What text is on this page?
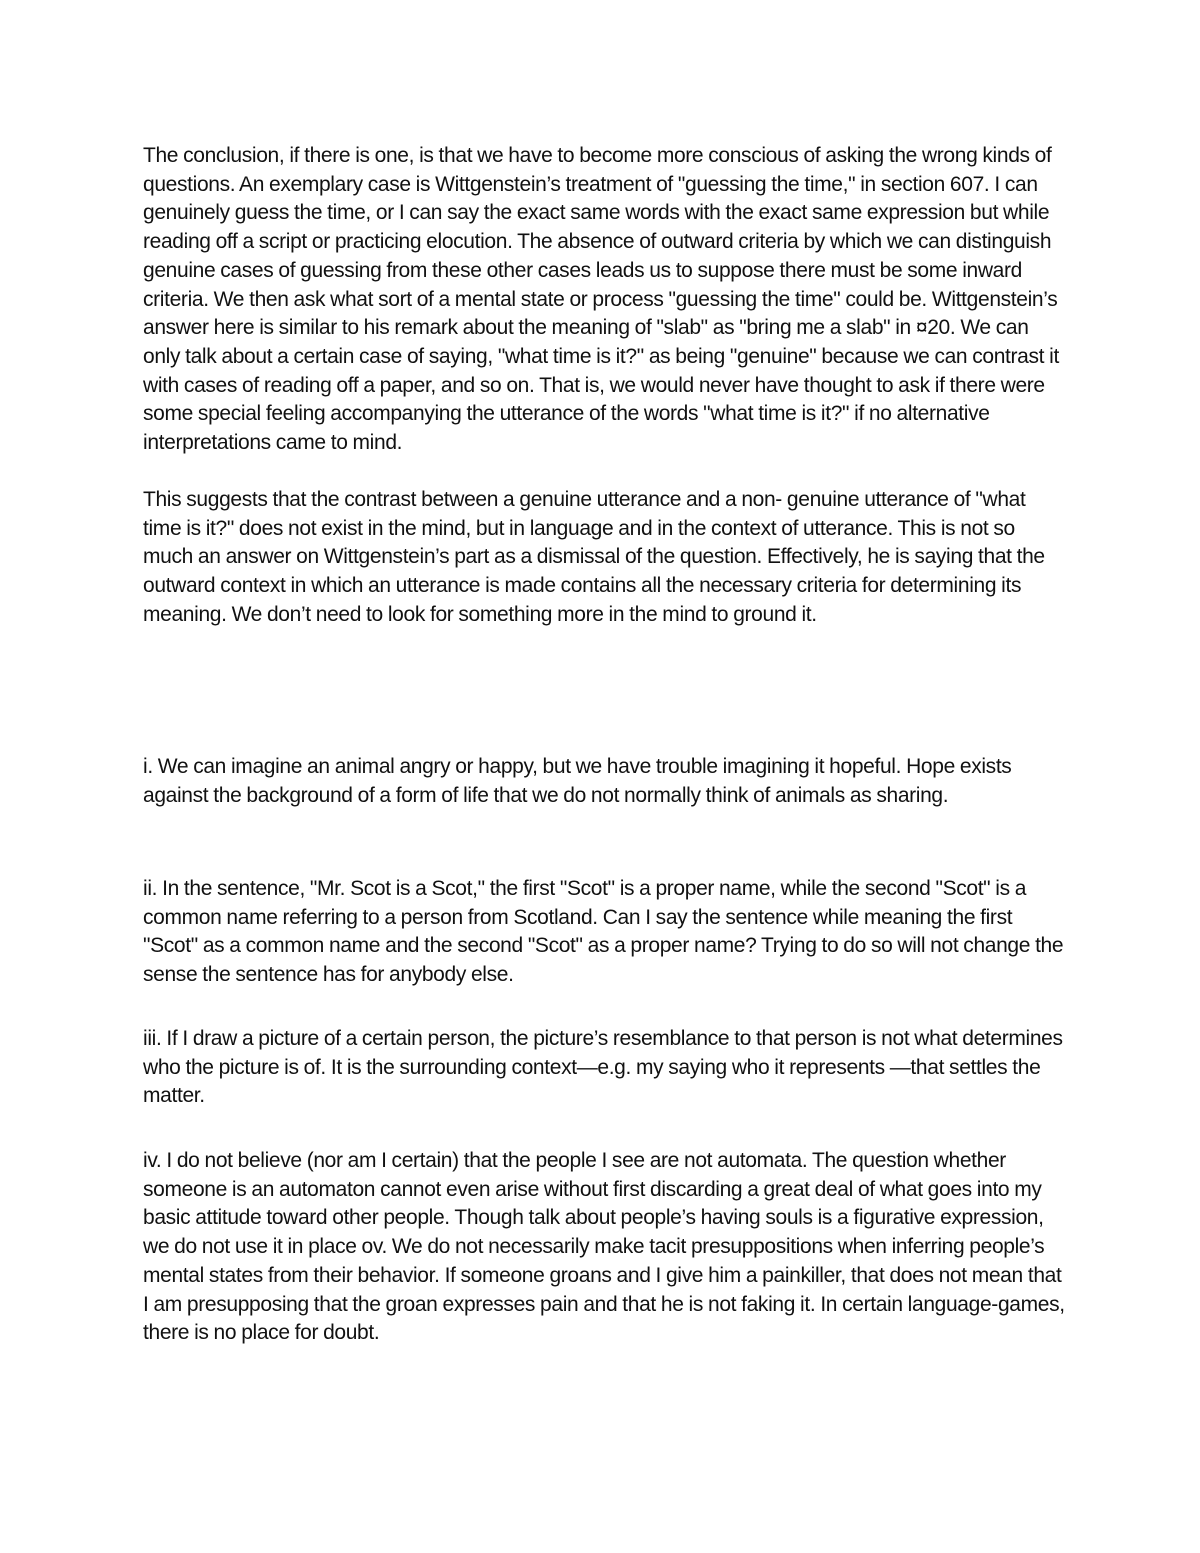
The conclusion, if there is one, is that we have to become more conscious of asking the wrong kinds of questions. An exemplary case is Wittgenstein’s treatment of "guessing the time," in section 607. I can genuinely guess the time, or I can say the exact same words with the exact same expression but while reading off a script or practicing elocution. The absence of outward criteria by which we can distinguish genuine cases of guessing from these other cases leads us to suppose there must be some inward criteria. We then ask what sort of a mental state or process "guessing the time" could be. Wittgenstein’s answer here is similar to his remark about the meaning of "slab" as "bring me a slab" in ¤20. We can only talk about a certain case of saying, "what time is it?" as being "genuine" because we can contrast it with cases of reading off a paper, and so on. That is, we would never have thought to ask if there were some special feeling accompanying the utterance of the words "what time is it?" if no alternative interpretations came to mind.

This suggests that the contrast between a genuine utterance and a non- genuine utterance of "what time is it?" does not exist in the mind, but in language and in the context of utterance. This is not so much an answer on Wittgenstein’s part as a dismissal of the question. Effectively, he is saying that the outward context in which an utterance is made contains all the necessary criteria for determining its meaning. We don’t need to look for something more in the mind to ground it.

i. We can imagine an animal angry or happy, but we have trouble imagining it hopeful. Hope exists against the background of a form of life that we do not normally think of animals as sharing.

ii. In the sentence, "Mr. Scot is a Scot," the first "Scot" is a proper name, while the second "Scot" is a common name referring to a person from Scotland. Can I say the sentence while meaning the first "Scot" as a common name and the second "Scot" as a proper name? Trying to do so will not change the sense the sentence has for anybody else.

iii. If I draw a picture of a certain person, the picture’s resemblance to that person is not what determines who the picture is of. It is the surrounding context—e.g. my saying who it represents —that settles the matter.

iv. I do not believe (nor am I certain) that the people I see are not automata. The question whether someone is an automaton cannot even arise without first discarding a great deal of what goes into my basic attitude toward other people. Though talk about people’s having souls is a figurative expression, we do not use it in place ov. We do not necessarily make tacit presuppositions when inferring people’s mental states from their behavior. If someone groans and I give him a painkiller, that does not mean that I am presupposing that the groan expresses pain and that he is not faking it. In certain language-games, there is no place for doubt.
